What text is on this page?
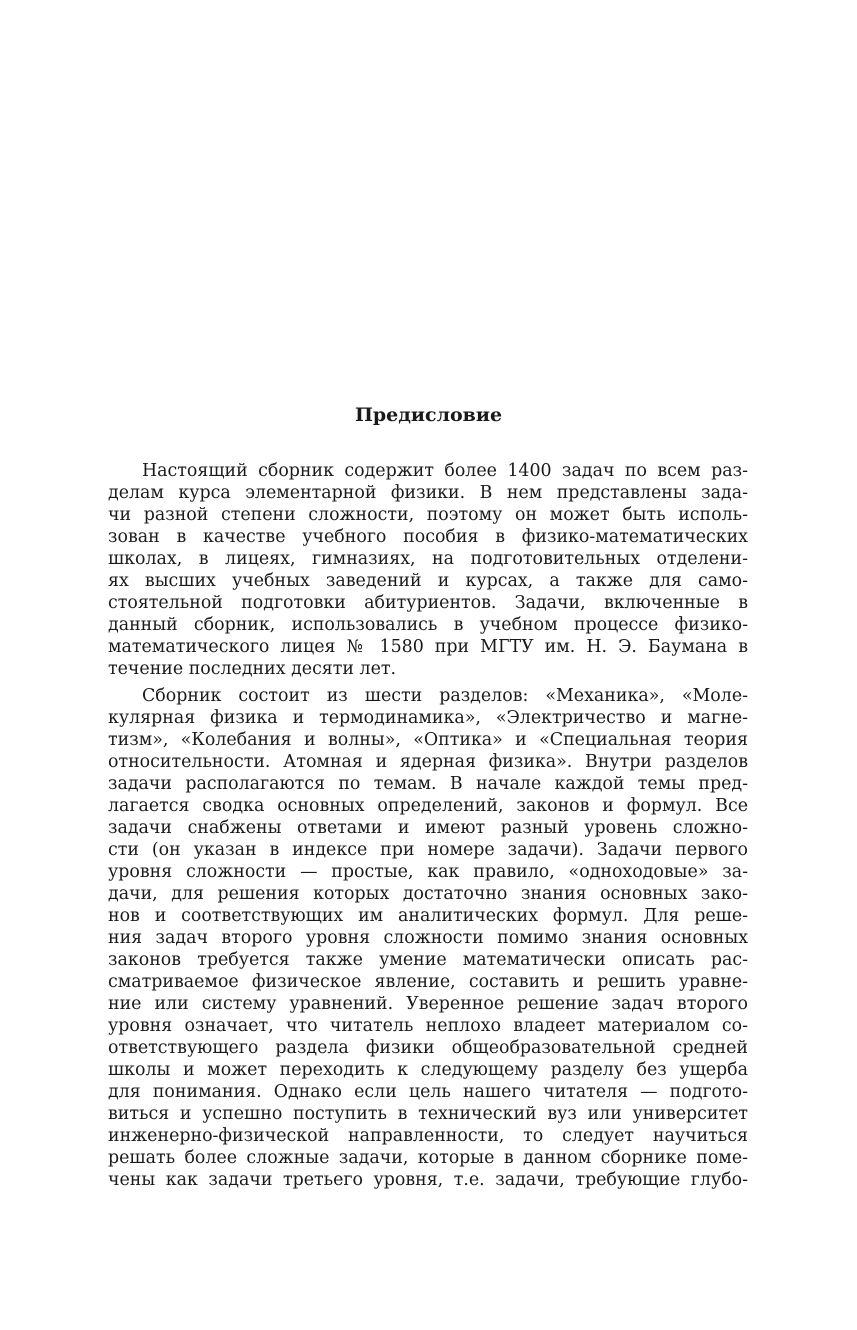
Предисловие
Настоящий сборник содержит более 1400 задач по всем раз-
делам курса элементарной физики. В нем представлены зада-
чи разной степени сложности, поэтому он может быть исполь-
зован в качестве учебного пособия в физико-математических
школах, в лицеях, гимназиях, на подготовительных отделени-
ях высших учебных заведений и курсах, а также для само-
стоятельной подготовки абитуриентов. Задачи, включенные в
данный сборник, использовались в учебном процессе физико-
математического лицея № 1580 при МГТУ им. Н. Э. Баумана в
течение последних десяти лет.
Сборник состоит из шести разделов: «Механика», «Моле-
кулярная физика и термодинамика», «Электричество и магне-
тизм», «Колебания и волны», «Оптика» и «Специальная теория
относительности. Атомная и ядерная физика». Внутри разделов
задачи располагаются по темам. В начале каждой темы пред-
лагается сводка основных определений, законов и формул. Все
задачи снабжены ответами и имеют разный уровень сложно-
сти (он указан в индексе при номере задачи). Задачи первого
уровня сложности — простые, как правило, «одноходовые» за-
дачи, для решения которых достаточно знания основных зако-
нов и соответствующих им аналитических формул. Для реше-
ния задач второго уровня сложности помимо знания основных
законов требуется также умение математически описать рас-
сматриваемое физическое явление, составить и решить уравне-
ние или систему уравнений. Уверенное решение задач второго
уровня означает, что читатель неплохо владеет материалом со-
ответствующего раздела физики общеобразовательной средней
школы и может переходить к следующему разделу без ущерба
для понимания. Однако если цель нашего читателя — подгото-
виться и успешно поступить в технический вуз или университет
инженерно-физической направленности, то следует научиться
решать более сложные задачи, которые в данном сборнике поме-
чены как задачи третьего уровня, т.е. задачи, требующие глубо-
